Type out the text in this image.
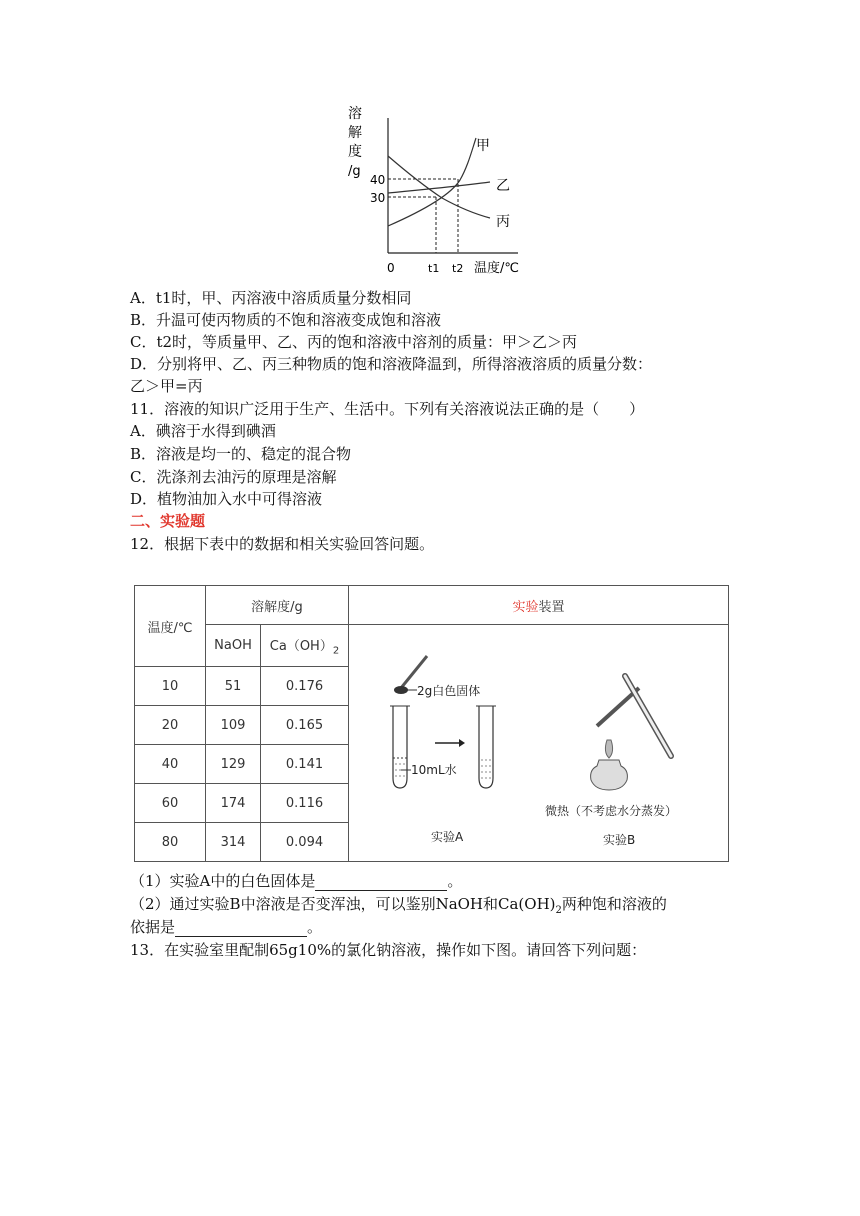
溶
解
度
/g
40
30
甲
乙
丙
0	t1 t2 温度/℃
A．t1时，甲、丙溶液中溶质质量分数相同
B．升温可使丙物质的不饱和溶液变成饱和溶液
C．t2时，等质量甲、乙、丙的饱和溶液中溶剂的质量：甲＞乙＞丙
D．分别将甲、乙、丙三种物质的饱和溶液降温到，所得溶液溶质的质量分数：
乙＞甲=丙
11．溶液的知识广泛用于生产、生活中。下列有关溶液说法正确的是（　　）
A．碘溶于水得到碘酒
B．溶液是均一的、稳定的混合物
C．洗涤剂去油污的原理是溶解
D．植物油加入水中可得溶液
二、实验题
12．根据下表中的数据和相关实验回答问题。
温度/℃	溶解度/g		实验装置
	NaOH	$Ca(OH)_2$	2g白色固体
10mL水
微热（不考虑水分蒸发）
实验A 实验B

10	51	0.176	
20	109	0.165	
40	129	0.141	
60	174	0.116	
80	314	0.094	
（1）实验A中的白色固体是	。
（2）通过实验B中溶液是否变浑浊，可以鉴别NaOH和$Ca(OH)_2$两种饱和溶液的
依据是	。
13．在实验室里配制65g10%的氯化钠溶液，操作如下图。请回答下列问题：
